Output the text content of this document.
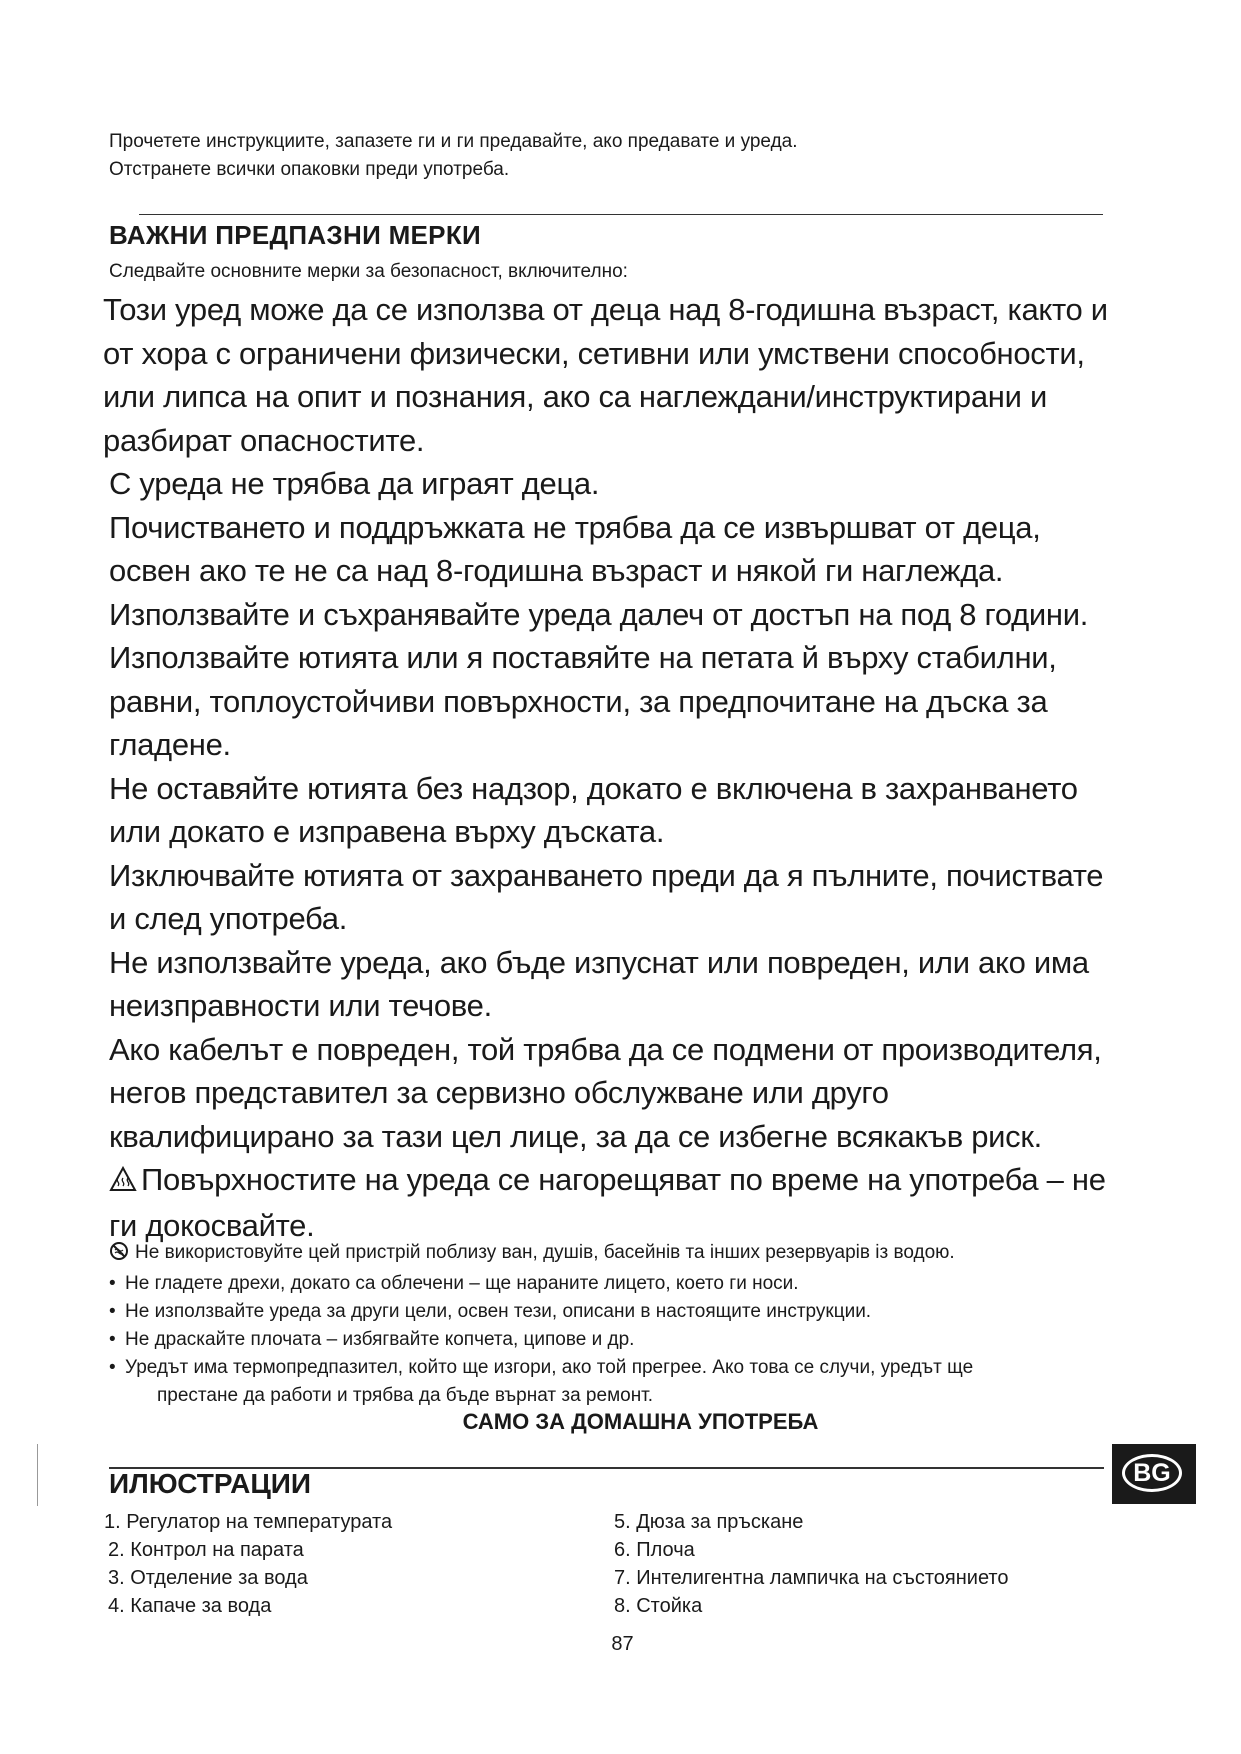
Прочетете инструкциите, запазете ги и ги предавайте, ако предавате и уреда.
Отстранете всички опаковки преди употреба.
ВАЖНИ ПРЕДПАЗНИ МЕРКИ
Следвайте основните мерки за безопасност, включително:

Този уред може да се използва от деца над 8-годишна възраст, както и от хора с ограничени физически, сетивни или умствени способности, или липса на опит и познания, ако са наглеждани/инструктирани и разбират опасностите.

С уреда не трябва да играят деца.

Почистването и поддръжката не трябва да се извършват от деца, освен ако те не са над 8-годишна възраст и някой ги наглежда.

Използвайте и съхранявайте уреда далеч от достъп на под 8 години.

Използвайте ютията или я поставяйте на петата й върху стабилни, равни, топлоустойчиви повърхности, за предпочитане на дъска за гладене.

Не оставяйте ютията без надзор, докато е включена в захранването или докато е изправена върху дъската.

Изключвайте ютията от захранването преди да я пълните, почиствате и след употреба.

Не използвайте уреда, ако бъде изпуснат или повреден, или ако има неизправности или течове.

Ако кабелът е повреден, той трябва да се подмени от производителя, негов представител за сервизно обслужване или друго квалифицирано за тази цел лице, за да се избегне всякакъв риск.

Повърхностите на уреда се нагорещяват по време на употреба – не ги докосвайте.

Не використовуйте цей пристрій поблизу ван, душів, басейнів та інших резервуарів із водою.
• Не гладете дрехи, докато са облечени – ще нараните лицето, което ги носи.
• Не използвайте уреда за други цели, освен тези, описани в настоящите инструкции.
• Не драскайте плочата – избягвайте копчета, ципове и др.
• Уредът има термопредпазител, който ще изгори, ако той прегрее. Ако това се случи, уредът ще
престане да работи и трябва да бъде върнат за ремонт.
САМО ЗА ДОМАШНА УПОТРЕБА
BG
ИЛЮСТРАЦИИ
1. Регулатор на температурата
2. Контрол на парата
3. Отделение за вода
4. Капаче за вода
5. Дюза за пръскане
6. Плоча
7. Интелигентна лампичка на състоянието
8. Стойка
87
